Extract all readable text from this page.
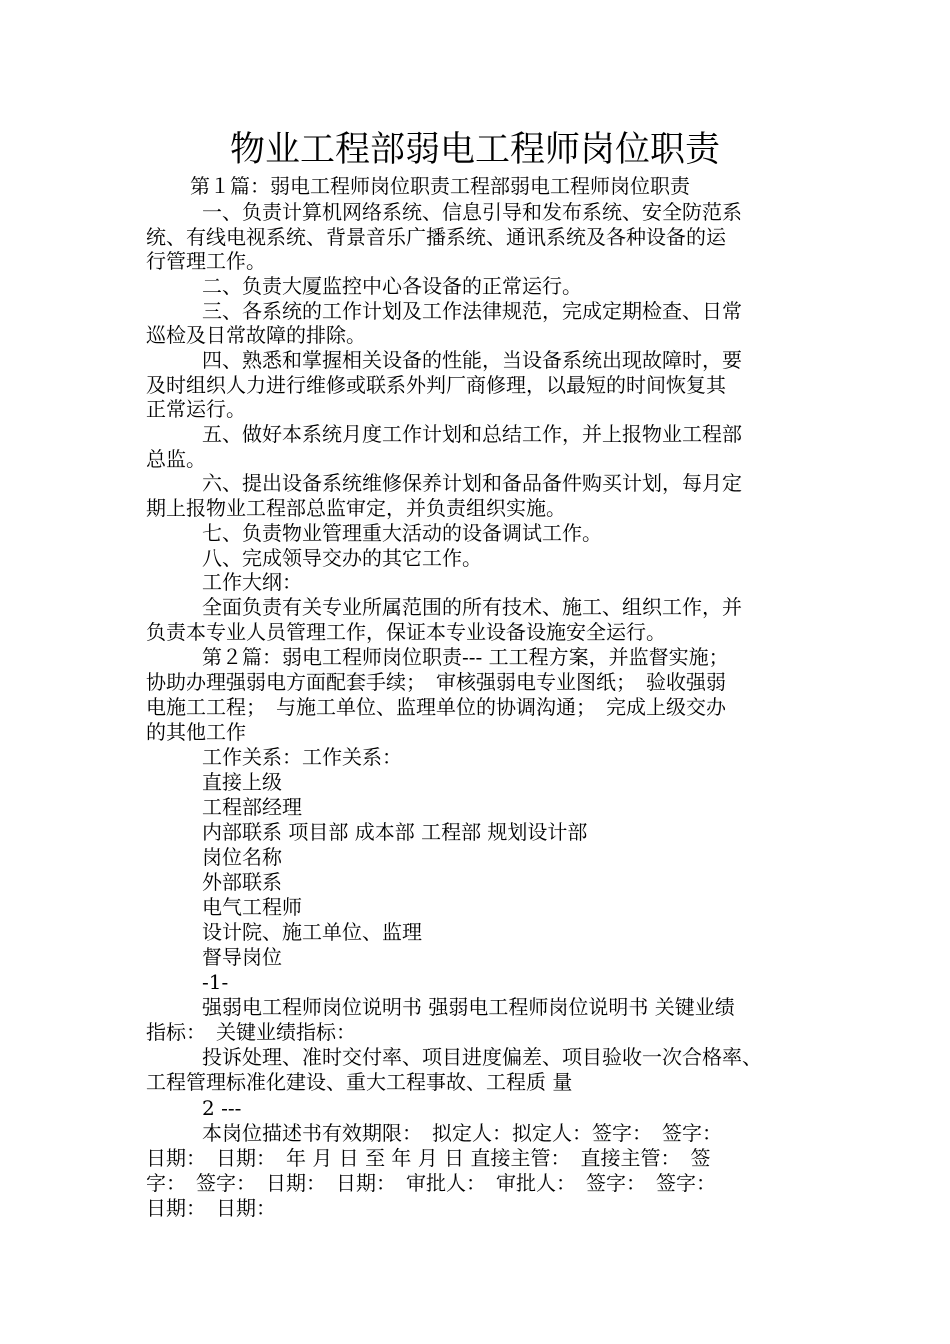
物业工程部弱电工程师岗位职责

第１篇：弱电工程师岗位职责工程部弱电工程师岗位职责

一、负责计算机网络系统、信息引导和发布系统、安全防范系

统、有线电视系统、背景音乐广播系统、通讯系统及各种设备的运

行管理工作。

二、负责大厦监控中心各设备的正常运行。

三、各系统的工作计划及工作法律规范，完成定期检查、日常

巡检及日常故障的排除。

四、熟悉和掌握相关设备的性能，当设备系统出现故障时，要

及时组织人力进行维修或联系外判厂商修理，以最短的时间恢复其

正常运行。

五、做好本系统月度工作计划和总结工作，并上报物业工程部

总监。

六、提出设备系统维修保养计划和备品备件购买计划，每月定

期上报物业工程部总监审定，并负责组织实施。

七、负责物业管理重大活动的设备调试工作。

八、完成领导交办的其它工作。

工作大纲：

全面负责有关专业所属范围的所有技术、施工、组织工作，并

负责本专业人员管理工作，保证本专业设备设施安全运行。

第２篇：弱电工程师岗位职责--- 工工程方案，并监督实施；

协助办理强弱电方面配套手续；　审核强弱电专业图纸；　验收强弱

电施工工程；　与施工单位、监理单位的协调沟通；　完成上级交办

的其他工作

工作关系：工作关系：

直接上级

工程部经理

内部联系 项目部 成本部 工程部 规划设计部

岗位名称

外部联系

电气工程师

设计院、施工单位、监理

督导岗位

-1-

强弱电工程师岗位说明书 强弱电工程师岗位说明书 关键业绩

指标：　关键业绩指标：

投诉处理、准时交付率、项目进度偏差、项目验收一次合格率、

工程管理标准化建设、重大工程事故、工程质 量

2 ---

本岗位描述书有效期限：　拟定人：拟定人：签字：　签字：

日期：　日期：　年 月 日 至 年 月 日 直接主管：　直接主管：　签

字：　签字：　日期：　日期：　审批人：　审批人：　签字：　签字：

日期：　日期：
